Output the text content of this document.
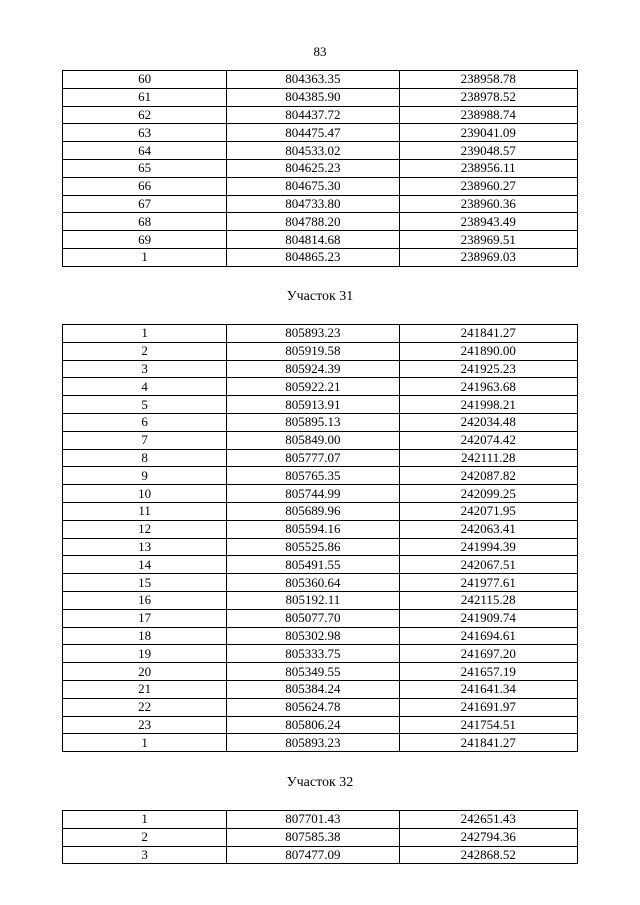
83
60	804363.35	238958.78
61	804385.90	238978.52
62	804437.72	238988.74
63	804475.47	239041.09
64	804533.02	239048.57
65	804625.23	238956.11
66	804675.30	238960.27
67	804733.80	238960.36
68	804788.20	238943.49
69	804814.68	238969.51
1	804865.23	238969.03
Участок 31
1	805893.23	241841.27
2	805919.58	241890.00
3	805924.39	241925.23
4	805922.21	241963.68
5	805913.91	241998.21
6	805895.13	242034.48
7	805849.00	242074.42
8	805777.07	242111.28
9	805765.35	242087.82
10	805744.99	242099.25
11	805689.96	242071.95
12	805594.16	242063.41
13	805525.86	241994.39
14	805491.55	242067.51
15	805360.64	241977.61
16	805192.11	242115.28
17	805077.70	241909.74
18	805302.98	241694.61
19	805333.75	241697.20
20	805349.55	241657.19
21	805384.24	241641.34
22	805624.78	241691.97
23	805806.24	241754.51
1	805893.23	241841.27
Участок 32
1	807701.43	242651.43
2	807585.38	242794.36
3	807477.09	242868.52
